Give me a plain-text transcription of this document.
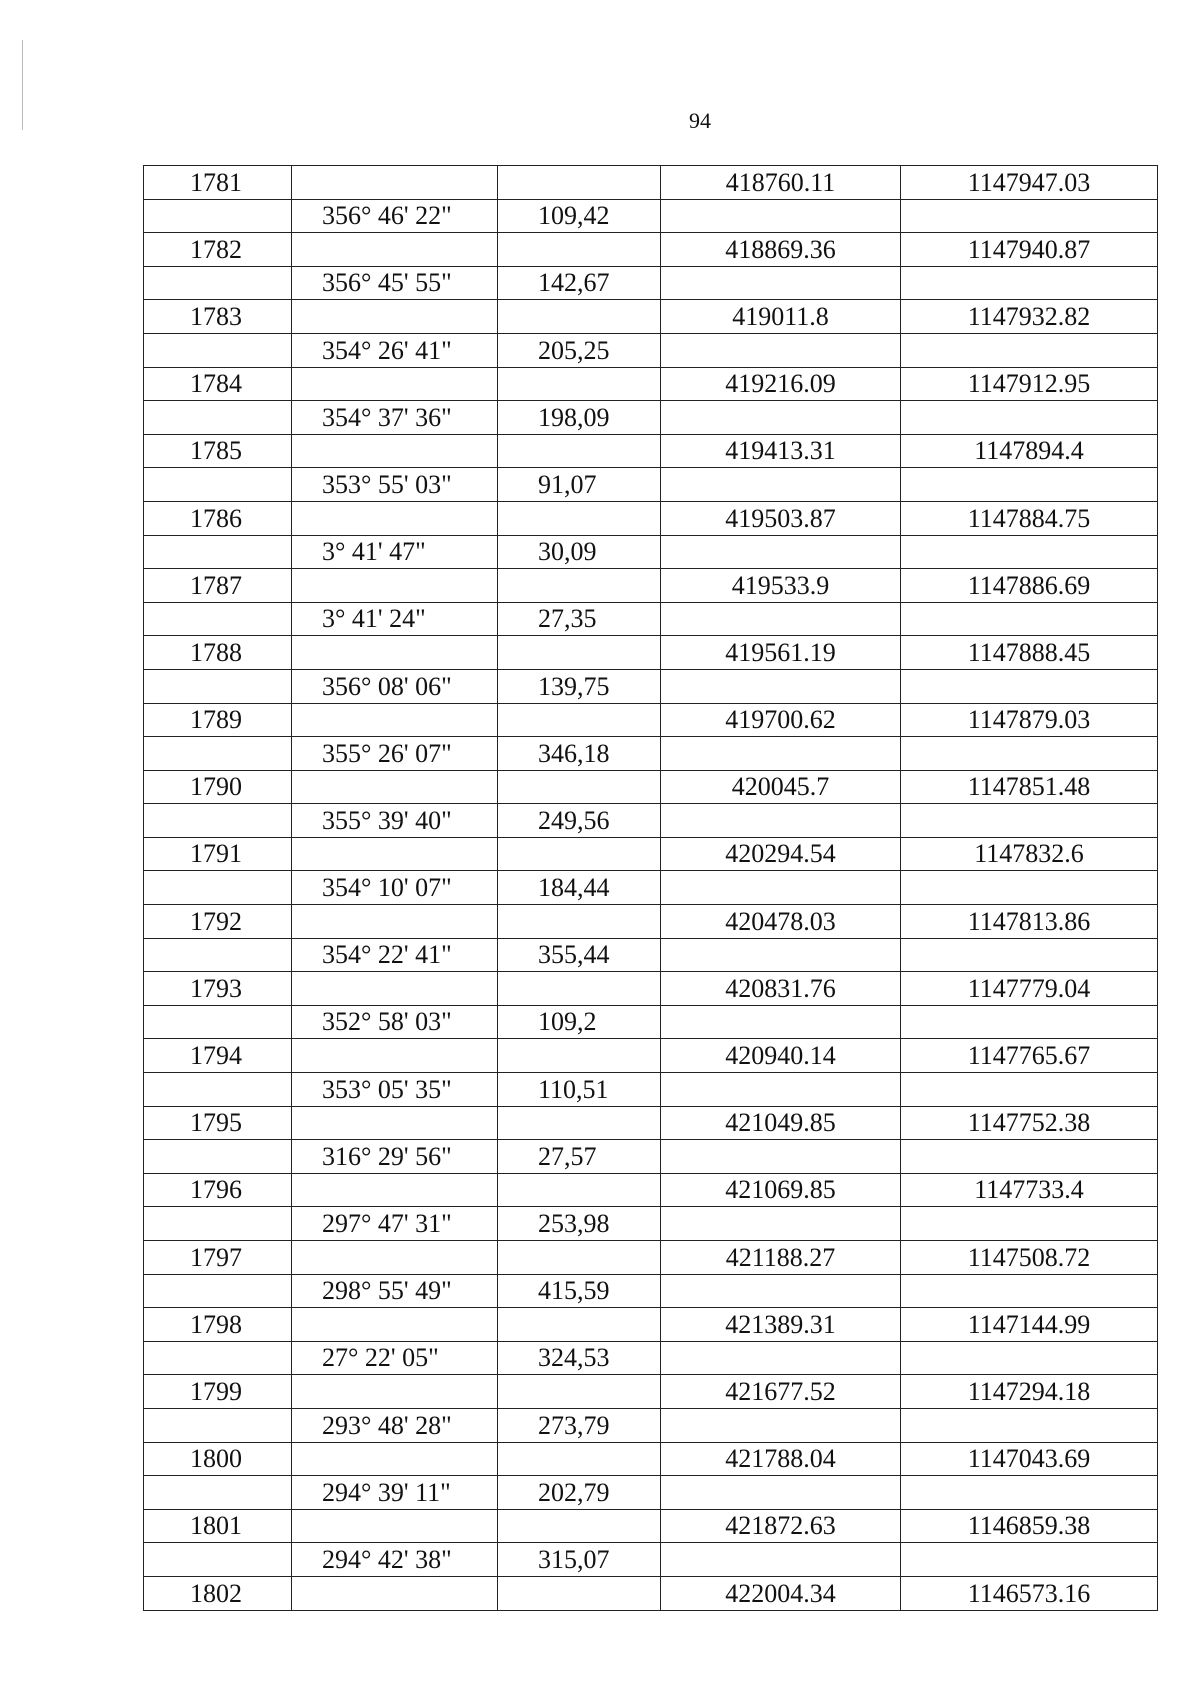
94
1781			418760.11	1147947.03
	356° 46' 22"	109,42		
1782			418869.36	1147940.87
	356° 45' 55"	142,67		
1783			419011.8	1147932.82
	354° 26' 41"	205,25		
1784			419216.09	1147912.95
	354° 37' 36"	198,09		
1785			419413.31	1147894.4
	353° 55' 03"	91,07		
1786			419503.87	1147884.75
	3° 41' 47"	30,09		
1787			419533.9	1147886.69
	3° 41' 24"	27,35		
1788			419561.19	1147888.45
	356° 08' 06"	139,75		
1789			419700.62	1147879.03
	355° 26' 07"	346,18		
1790			420045.7	1147851.48
	355° 39' 40"	249,56		
1791			420294.54	1147832.6
	354° 10' 07"	184,44		
1792			420478.03	1147813.86
	354° 22' 41"	355,44		
1793			420831.76	1147779.04
	352° 58' 03"	109,2		
1794			420940.14	1147765.67
	353° 05' 35"	110,51		
1795			421049.85	1147752.38
	316° 29' 56"	27,57		
1796			421069.85	1147733.4
	297° 47' 31"	253,98		
1797			421188.27	1147508.72
	298° 55' 49"	415,59		
1798			421389.31	1147144.99
	27° 22' 05"	324,53		
1799			421677.52	1147294.18
	293° 48' 28"	273,79		
1800			421788.04	1147043.69
	294° 39' 11"	202,79		
1801			421872.63	1146859.38
	294° 42' 38"	315,07		
1802			422004.34	1146573.16
